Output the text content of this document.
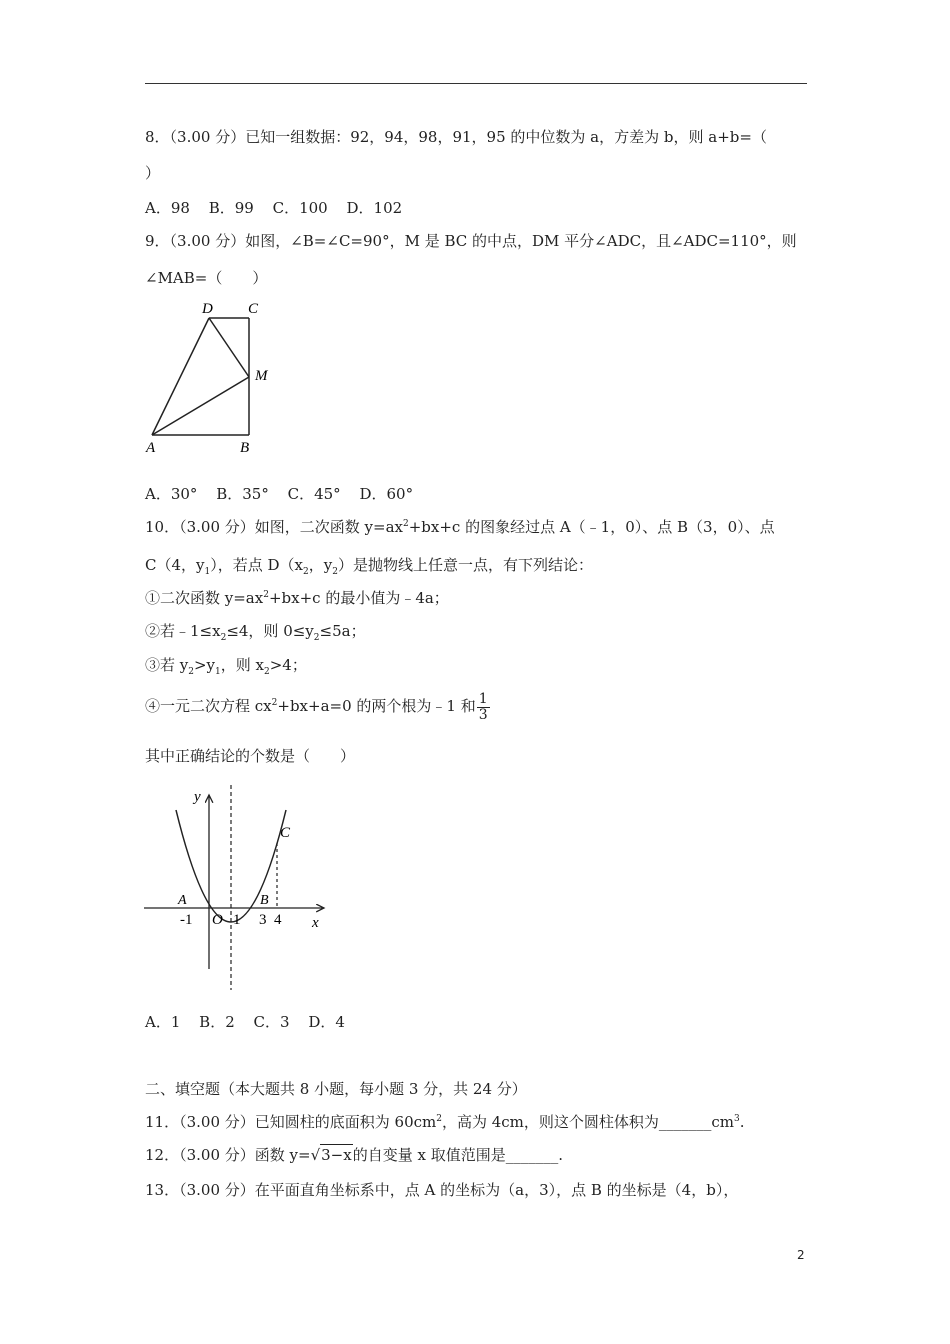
8．（3.00 分）已知一组数据：92，94，98，91，95 的中位数为 a，方差为 b，则 a+b=（
）
A．98 B．99 C．100 D．102
9．（3.00 分）如图，∠B=∠C=90°，M 是 BC 的中点，DM 平分∠ADC，且∠ADC=110°，则
∠MAB=（　　）
D C
M
A	B
A．30° B．35° C．45° D．60°
10．（3.00 分）如图，二次函数 $y=ax^2+bx+c$ 的图象经过点 A（﹣1，0）、点 B（3，0）、点
C（4，$y_1$），若点 $D(x_2$，$y_2$）是抛物线上任意一点，有下列结论：
①二次函数 $y=ax^2+bx+c$ 的最小值为﹣4a；
②若$﹣1\le x_2\le 4$，则 $0\le y_2\le 5a$；
③若 $y_2>y_1$，则 $x_2>4$；
④一元二次方程 $cx^2+bx+a=0$ 的两个根为﹣1 和 $\frac{1}{3}$
其中正确结论的个数是（　　）
y
x
C
A	B
O
-1	1 3 4
A．1 B．2 C．3 D．4
二、填空题（本大题共 8 小题，每小题 3 分，共 24 分）
11．（3.00 分）已知圆柱的底面积为 $60cm^2$，高为 4cm，则这个圆柱体积为$\_\_\_\_\_\_\_cm^3$.
12．（3.00 分）函数 y=√3−x的自变量 x 取值范围是_______.
13．（3.00 分）在平面直角坐标系中，点 A 的坐标为（a，3），点 B 的坐标是（4，b），
2
